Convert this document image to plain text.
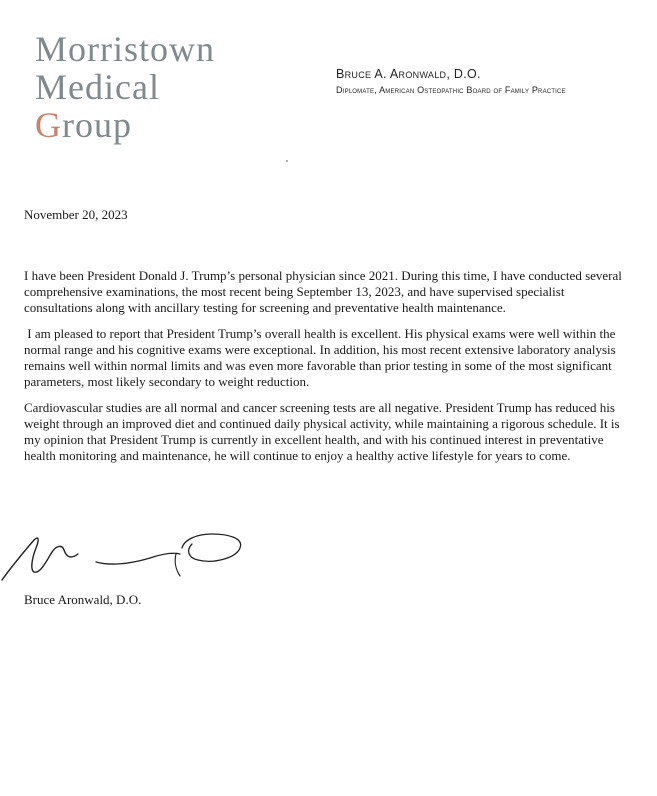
Morristown
Medical
Group

Bruce A. Aronwald, D.O.

Diplomate, American Osteopathic Board of Family Practice

November 20, 2023

I have been President Donald J. Trump’s personal physician since 2021. During this time, I have conducted several comprehensive examinations, the most recent being September 13, 2023, and have supervised specialist consultations along with ancillary testing for screening and preventative health maintenance.

I am pleased to report that President Trump’s overall health is excellent. His physical exams were well within the normal range and his cognitive exams were exceptional. In addition, his most recent extensive laboratory analysis remains well within normal limits and was even more favorable than prior testing in some of the most significant parameters, most likely secondary to weight reduction.

Cardiovascular studies are all normal and cancer screening tests are all negative. President Trump has reduced his weight through an improved diet and continued daily physical activity, while maintaining a rigorous schedule. It is my opinion that President Trump is currently in excellent health, and with his continued interest in preventative health monitoring and maintenance, he will continue to enjoy a healthy active lifestyle for years to come.

Bruce Aronwald, D.O.
